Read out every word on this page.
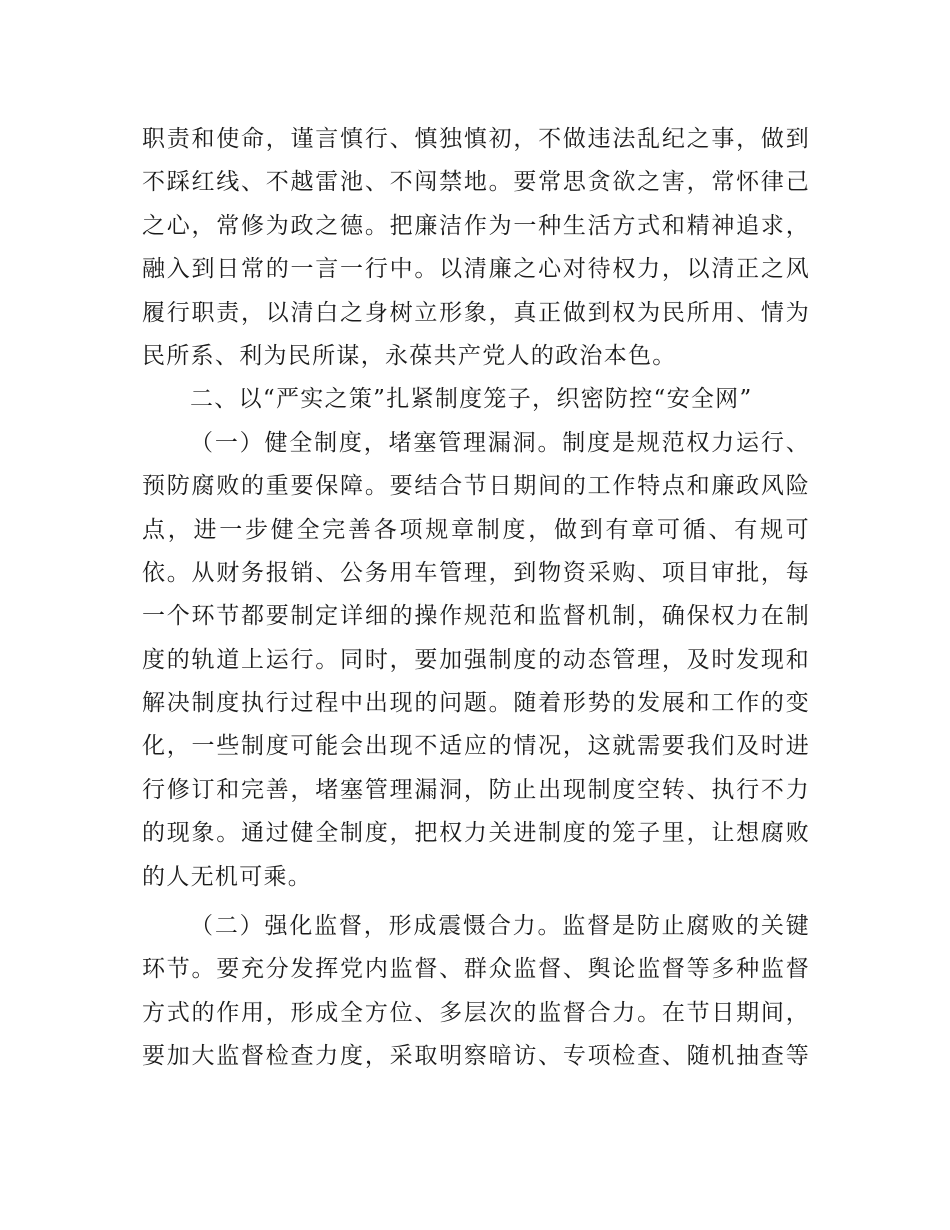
职责和使命，谨言慎行、慎独慎初，不做违法乱纪之事，做到
不踩红线、不越雷池、不闯禁地。要常思贪欲之害，常怀律己
之心，常修为政之德。把廉洁作为一种生活方式和精神追求，
融入到日常的一言一行中。以清廉之心对待权力，以清正之风
履行职责，以清白之身树立形象，真正做到权为民所用、情为
民所系、利为民所谋，永葆共产党人的政治本色。
二、以“严实之策”扎紧制度笼子，织密防控“安全网”
（一）健全制度，堵塞管理漏洞。制度是规范权力运行、
预防腐败的重要保障。要结合节日期间的工作特点和廉政风险
点，进一步健全完善各项规章制度，做到有章可循、有规可
依。从财务报销、公务用车管理，到物资采购、项目审批，每
一个环节都要制定详细的操作规范和监督机制，确保权力在制
度的轨道上运行。同时，要加强制度的动态管理，及时发现和
解决制度执行过程中出现的问题。随着形势的发展和工作的变
化，一些制度可能会出现不适应的情况，这就需要我们及时进
行修订和完善，堵塞管理漏洞，防止出现制度空转、执行不力
的现象。通过健全制度，把权力关进制度的笼子里，让想腐败
的人无机可乘。
（二）强化监督，形成震慑合力。监督是防止腐败的关键
环节。要充分发挥党内监督、群众监督、舆论监督等多种监督
方式的作用，形成全方位、多层次的监督合力。在节日期间，
要加大监督检查力度，采取明察暗访、专项检查、随机抽查等
